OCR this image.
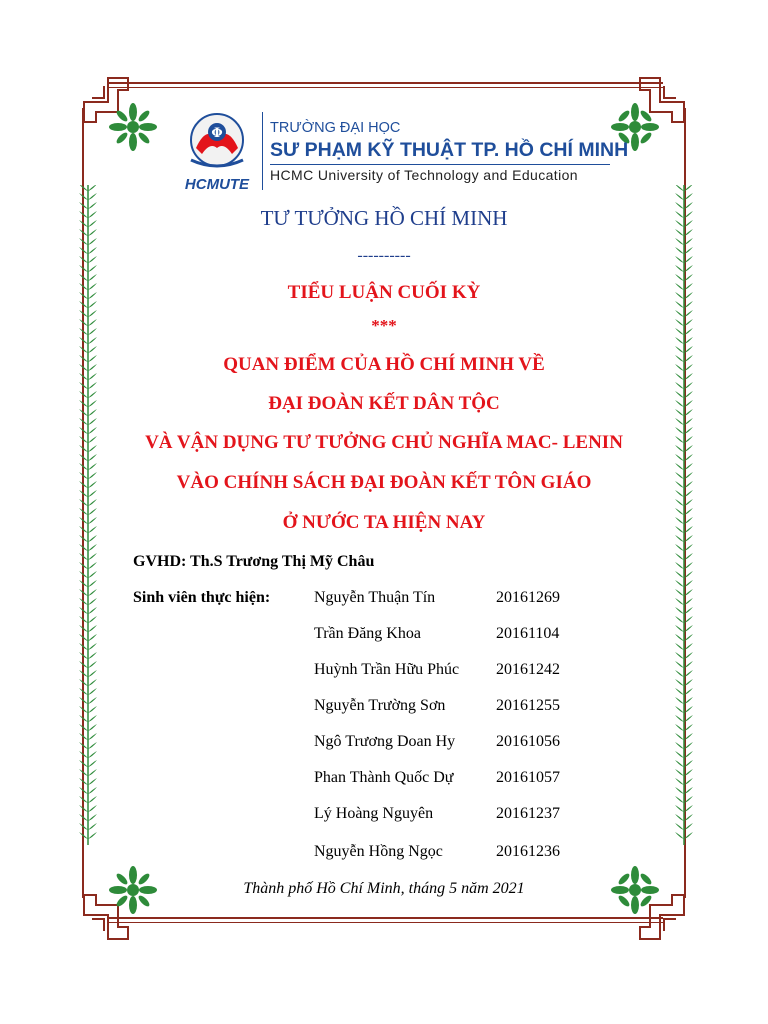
Φ
HCMUTE
TRƯỜNG ĐẠI HỌC
SƯ PHẠM KỸ THUẬT TP. HỒ CHÍ MINH
HCMC University of Technology and Education
TƯ TƯỞNG HỒ CHÍ MINH
----------
TIỂU LUẬN CUỐI KỲ
***
QUAN ĐIỂM CỦA HỒ CHÍ MINH VỀ
ĐẠI ĐOÀN KẾT DÂN TỘC
VÀ VẬN DỤNG TƯ TƯỞNG CHỦ NGHĨA MAC- LENIN
VÀO CHÍNH SÁCH ĐẠI ĐOÀN KẾT TÔN GIÁO
Ở NƯỚC TA HIỆN NAY
GVHD: Th.S Trương Thị Mỹ Châu
Sinh viên thực hiện:	Nguyễn Thuận Tín	20161269
Trần Đăng Khoa	20161104
Huỳnh Trần Hữu Phúc 20161242
Nguyễn Trường Sơn	20161255
Ngô Trương Doan Hy	20161056
Phan Thành Quốc Dự	20161057
Lý Hoàng Nguyên	20161237
Nguyễn Hồng Ngọc	20161236
Thành phố Hồ Chí Minh, tháng 5 năm 2021
